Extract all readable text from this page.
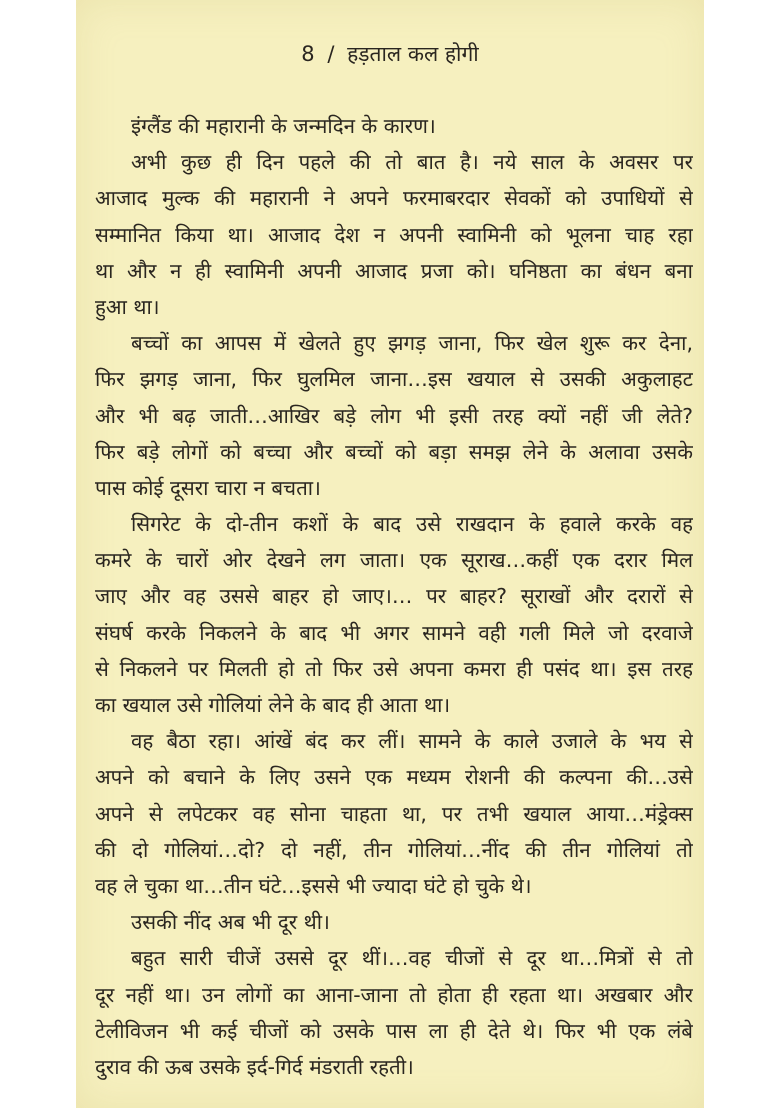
8 / हड़ताल कल होगी
इंग्लैंड की महारानी के जन्मदिन के कारण।
अभी कुछ ही दिन पहले की तो बात है। नये साल के अवसर पर
आजाद मुल्क की महारानी ने अपने फरमाबरदार सेवकों को उपाधियों से
सम्मानित किया था। आजाद देश न अपनी स्वामिनी को भूलना चाह रहा
था और न ही स्वामिनी अपनी आजाद प्रजा को। घनिष्ठता का बंधन बना
हुआ था।
बच्चों का आपस में खेलते हुए झगड़ जाना, फिर खेल शुरू कर देना,
फिर झगड़ जाना, फिर घुलमिल जाना…इस खयाल से उसकी अकुलाहट
और भी बढ़ जाती…आखिर बड़े लोग भी इसी तरह क्यों नहीं जी लेते?
फिर बड़े लोगों को बच्चा और बच्चों को बड़ा समझ लेने के अलावा उसके
पास कोई दूसरा चारा न बचता।
सिगरेट के दो-तीन कशों के बाद उसे राखदान के हवाले करके वह
कमरे के चारों ओर देखने लग जाता। एक सूराख…कहीं एक दरार मिल
जाए और वह उससे बाहर हो जाए।… पर बाहर? सूराखों और दरारों से
संघर्ष करके निकलने के बाद भी अगर सामने वही गली मिले जो दरवाजे
से निकलने पर मिलती हो तो फिर उसे अपना कमरा ही पसंद था। इस तरह
का खयाल उसे गोलियां लेने के बाद ही आता था।
वह बैठा रहा। आंखें बंद कर लीं। सामने के काले उजाले के भय से
अपने को बचाने के लिए उसने एक मध्यम रोशनी की कल्पना की…उसे
अपने से लपेटकर वह सोना चाहता था, पर तभी खयाल आया…मंड्रेक्स
की दो गोलियां…दो? दो नहीं, तीन गोलियां…नींद की तीन गोलियां तो
वह ले चुका था…तीन घंटे…इससे भी ज्यादा घंटे हो चुके थे।
उसकी नींद अब भी दूर थी।
बहुत सारी चीजें उससे दूर थीं।…वह चीजों से दूर था…मित्रों से तो
दूर नहीं था। उन लोगों का आना-जाना तो होता ही रहता था। अखबार और
टेलीविजन भी कई चीजों को उसके पास ला ही देते थे। फिर भी एक लंबे
दुराव की ऊब उसके इर्द-गिर्द मंडराती रहती।
